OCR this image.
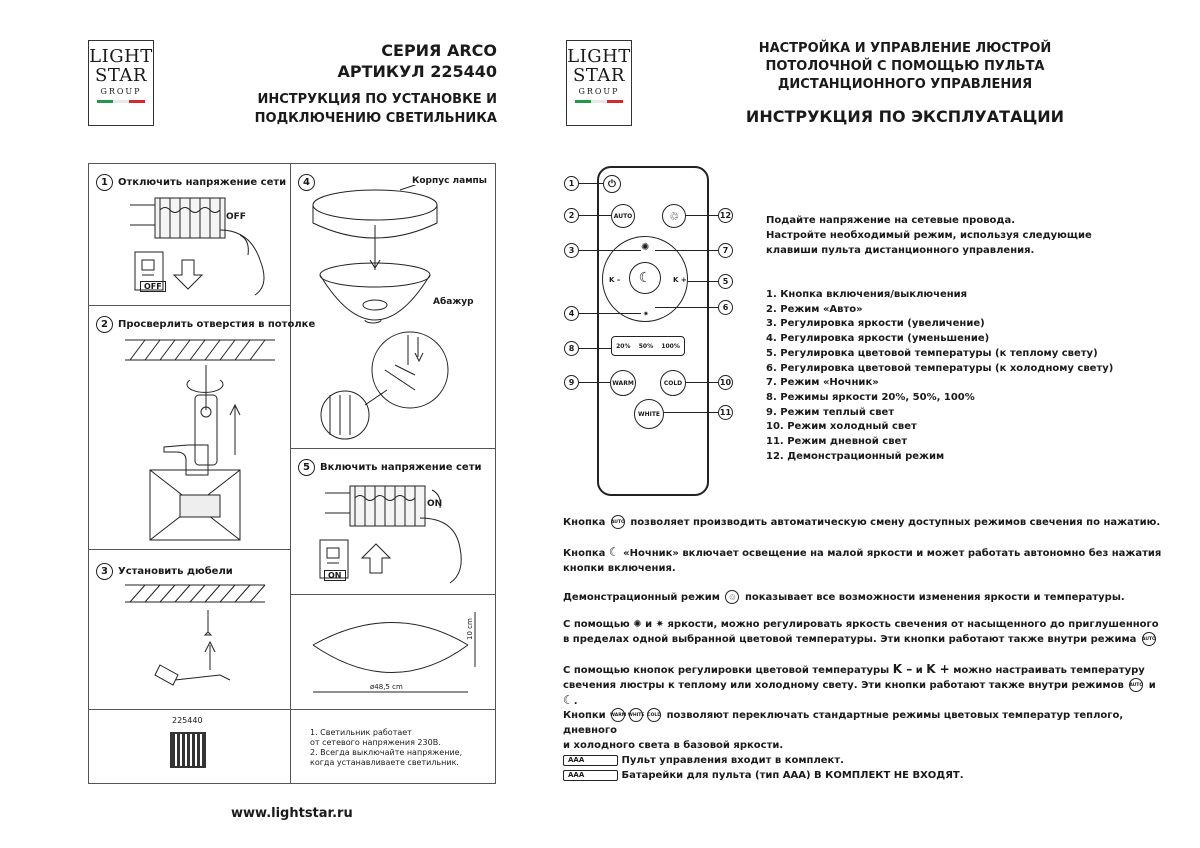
LIGHT
STAR
GROUP
СЕРИЯ ARCO
АРТИКУЛ 225440
ИНСТРУКЦИЯ ПО УСТАНОВКЕ И
ПОДКЛЮЧЕНИЮ СВЕТИЛЬНИКА
1 Отключить напряжение сети
OFF
OFF
2 Просверлить отверстия в потолке
3 Установить дюбели
4	Корпус лампы
Абажур
5 Включить напряжение сети
ON
ON
10 cm
ø48,5 cm
225440
1. Светильник работает
от сетевого напряжения 230В.
2. Всегда выключайте напряжение,
когда устанавливаете светильник.
www.lightstar.ru
LIGHT
STAR
GROUP
НАСТРОЙКА И УПРАВЛЕНИЕ ЛЮСТРОЙ
ПОТОЛОЧНОЙ С ПОМОЩЬЮ ПУЛЬТА
ДИСТАНЦИОННОГО УПРАВЛЕНИЯ
ИНСТРУКЦИЯ ПО ЭКСПЛУАТАЦИИ
⏻
AUTO	♲
✺
✷
K –	K +
☾
20% 50% 100%
WARM	COLD
WHITE
1
2
3
4
8
9
12
7
5
6
10
11
Подайте напряжение на сетевые провода.
Настройте необходимый режим, используя следующие
клавиши пульта дистанционного управления.
1. Кнопка включения/выключения
2. Режим «Авто»
3. Регулировка яркости (увеличение)
4. Регулировка яркости (уменьшение)
5. Регулировка цветовой температуры (к теплому свету)
6. Регулировка цветовой температуры (к холодному свету)
7. Режим «Ночник»
8. Режимы яркости 20%, 50%, 100%
9. Режим теплый свет
10. Режим холодный свет
11. Режим дневной свет
12. Демонстрационный режим
Кнопка AUTO позволяет производить автоматическую смену доступных режимов свечения по нажатию.
Кнопка ☾ «Ночник» включает освещение на малой яркости и может работать автономно без нажатия
кнопки включения.
Демонстрационный режим ♲ показывает все возможности изменения яркости и температуры.
С помощью ✺ и ✷ яркости, можно регулировать яркость свечения от насыщенного до приглушенного
в пределах одной выбранной цветовой температуры. Эти кнопки работают также внутри режима AUTO
С помощью кнопок регулировки цветовой температуры K – и K + можно настраивать температуру
свечения люстры к теплому или холодному свету. Эти кнопки работают также внутри режимов AUTO и ☾.
Кнопки WARM WHITE COLD позволяют переключать стандартные режимы цветовых температур теплого, дневного
и холодного света в базовой яркости.
AAA	Пульт управления входит в комплект.
AAA	Батарейки для пульта (тип ААА) В КОМПЛЕКТ НЕ ВХОДЯТ.
